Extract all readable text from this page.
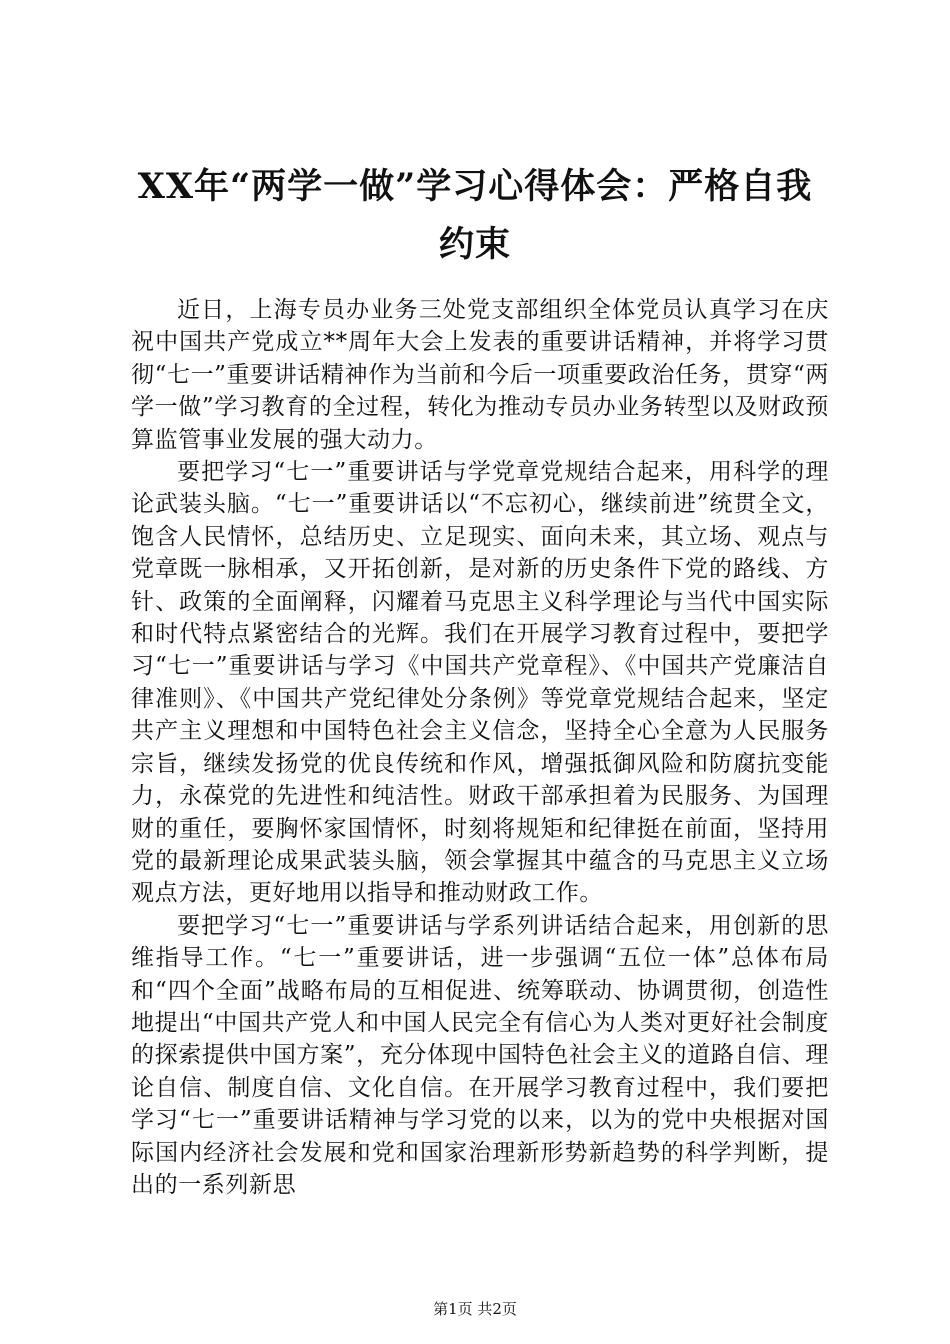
XX年“两学一做”学习心得体会：严格自我约束

近日，上海专员办业务三处党支部组织全体党员认真学习在庆祝中国共产党成立**周年大会上发表的重要讲话精神，并将学习贯彻“七一”重要讲话精神作为当前和今后一项重要政治任务，贯穿“两学一做”学习教育的全过程，转化为推动专员办业务转型以及财政预算监管事业发展的强大动力。

要把学习“七一”重要讲话与学党章党规结合起来，用科学的理论武装头脑。“七一”重要讲话以“不忘初心，继续前进”统贯全文，饱含人民情怀，总结历史、立足现实、面向未来，其立场、观点与党章既一脉相承，又开拓创新，是对新的历史条件下党的路线、方针、政策的全面阐释，闪耀着马克思主义科学理论与当代中国实际和时代特点紧密结合的光辉。我们在开展学习教育过程中，要把学习“七一”重要讲话与学习《中国共产党章程》、《中国共产党廉洁自律准则》、《中国共产党纪律处分条例》等党章党规结合起来，坚定共产主义理想和中国特色社会主义信念，坚持全心全意为人民服务宗旨，继续发扬党的优良传统和作风，增强抵御风险和防腐抗变能力，永葆党的先进性和纯洁性。财政干部承担着为民服务、为国理财的重任，要胸怀家国情怀，时刻将规矩和纪律挺在前面，坚持用党的最新理论成果武装头脑，领会掌握其中蕴含的马克思主义立场观点方法，更好地用以指导和推动财政工作。

要把学习“七一”重要讲话与学系列讲话结合起来，用创新的思维指导工作。“七一”重要讲话，进一步强调“五位一体”总体布局和“四个全面”战略布局的互相促进、统筹联动、协调贯彻，创造性地提出“中国共产党人和中国人民完全有信心为人类对更好社会制度的探索提供中国方案”，充分体现中国特色社会主义的道路自信、理论自信、制度自信、文化自信。在开展学习教育过程中，我们要把学习“七一”重要讲话精神与学习党的以来，以为的党中央根据对国际国内经济社会发展和党和国家治理新形势新趋势的科学判断，提出的一系列新思

第1页 共2页
